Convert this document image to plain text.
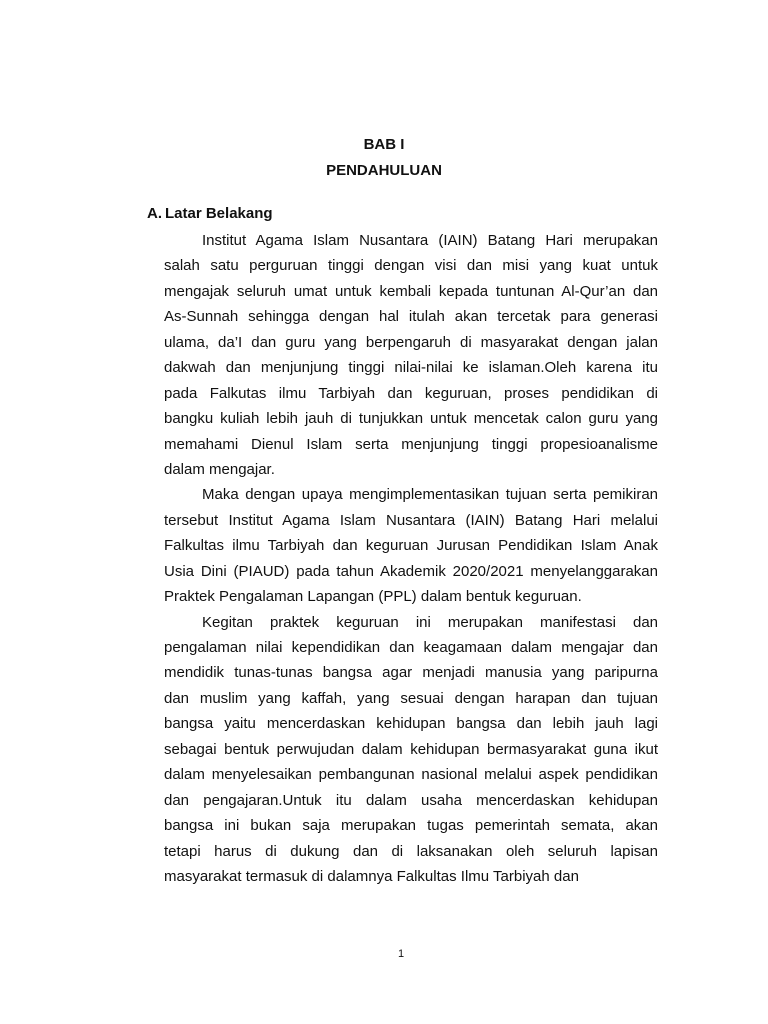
BAB I
PENDAHULUAN
A. Latar Belakang
Institut Agama Islam Nusantara (IAIN) Batang Hari merupakan
salah satu perguruan tinggi dengan visi dan misi yang kuat untuk
mengajak seluruh umat untuk kembali kepada tuntunan Al-Qur’an dan
As-Sunnah sehingga dengan hal itulah akan tercetak para generasi
ulama, da’I dan guru yang berpengaruh di masyarakat dengan jalan
dakwah dan menjunjung tinggi nilai-nilai ke islaman.Oleh karena itu
pada Falkutas ilmu Tarbiyah dan keguruan, proses pendidikan di
bangku kuliah lebih jauh di tunjukkan untuk mencetak calon guru yang
memahami Dienul Islam serta menjunjung tinggi propesioanalisme
dalam mengajar.
Maka dengan upaya mengimplementasikan tujuan serta pemikiran
tersebut Institut Agama Islam Nusantara (IAIN) Batang Hari melalui
Falkultas ilmu Tarbiyah dan keguruan Jurusan Pendidikan Islam Anak
Usia Dini (PIAUD) pada tahun Akademik 2020/2021 menyelanggarakan
Praktek Pengalaman Lapangan (PPL) dalam bentuk keguruan.
Kegitan praktek keguruan ini merupakan manifestasi dan
pengalaman nilai kependidikan dan keagamaan dalam mengajar dan
mendidik tunas-tunas bangsa agar menjadi manusia yang paripurna
dan muslim yang kaffah, yang sesuai dengan harapan dan tujuan
bangsa yaitu mencerdaskan kehidupan bangsa dan lebih jauh lagi
sebagai bentuk perwujudan dalam kehidupan bermasyarakat guna ikut
dalam menyelesaikan pembangunan nasional melalui aspek pendidikan
dan pengajaran.Untuk itu dalam usaha mencerdaskan kehidupan
bangsa ini bukan saja merupakan tugas pemerintah semata, akan
tetapi harus di dukung dan di laksanakan oleh seluruh lapisan
masyarakat termasuk di dalamnya Falkultas Ilmu Tarbiyah dan

1
